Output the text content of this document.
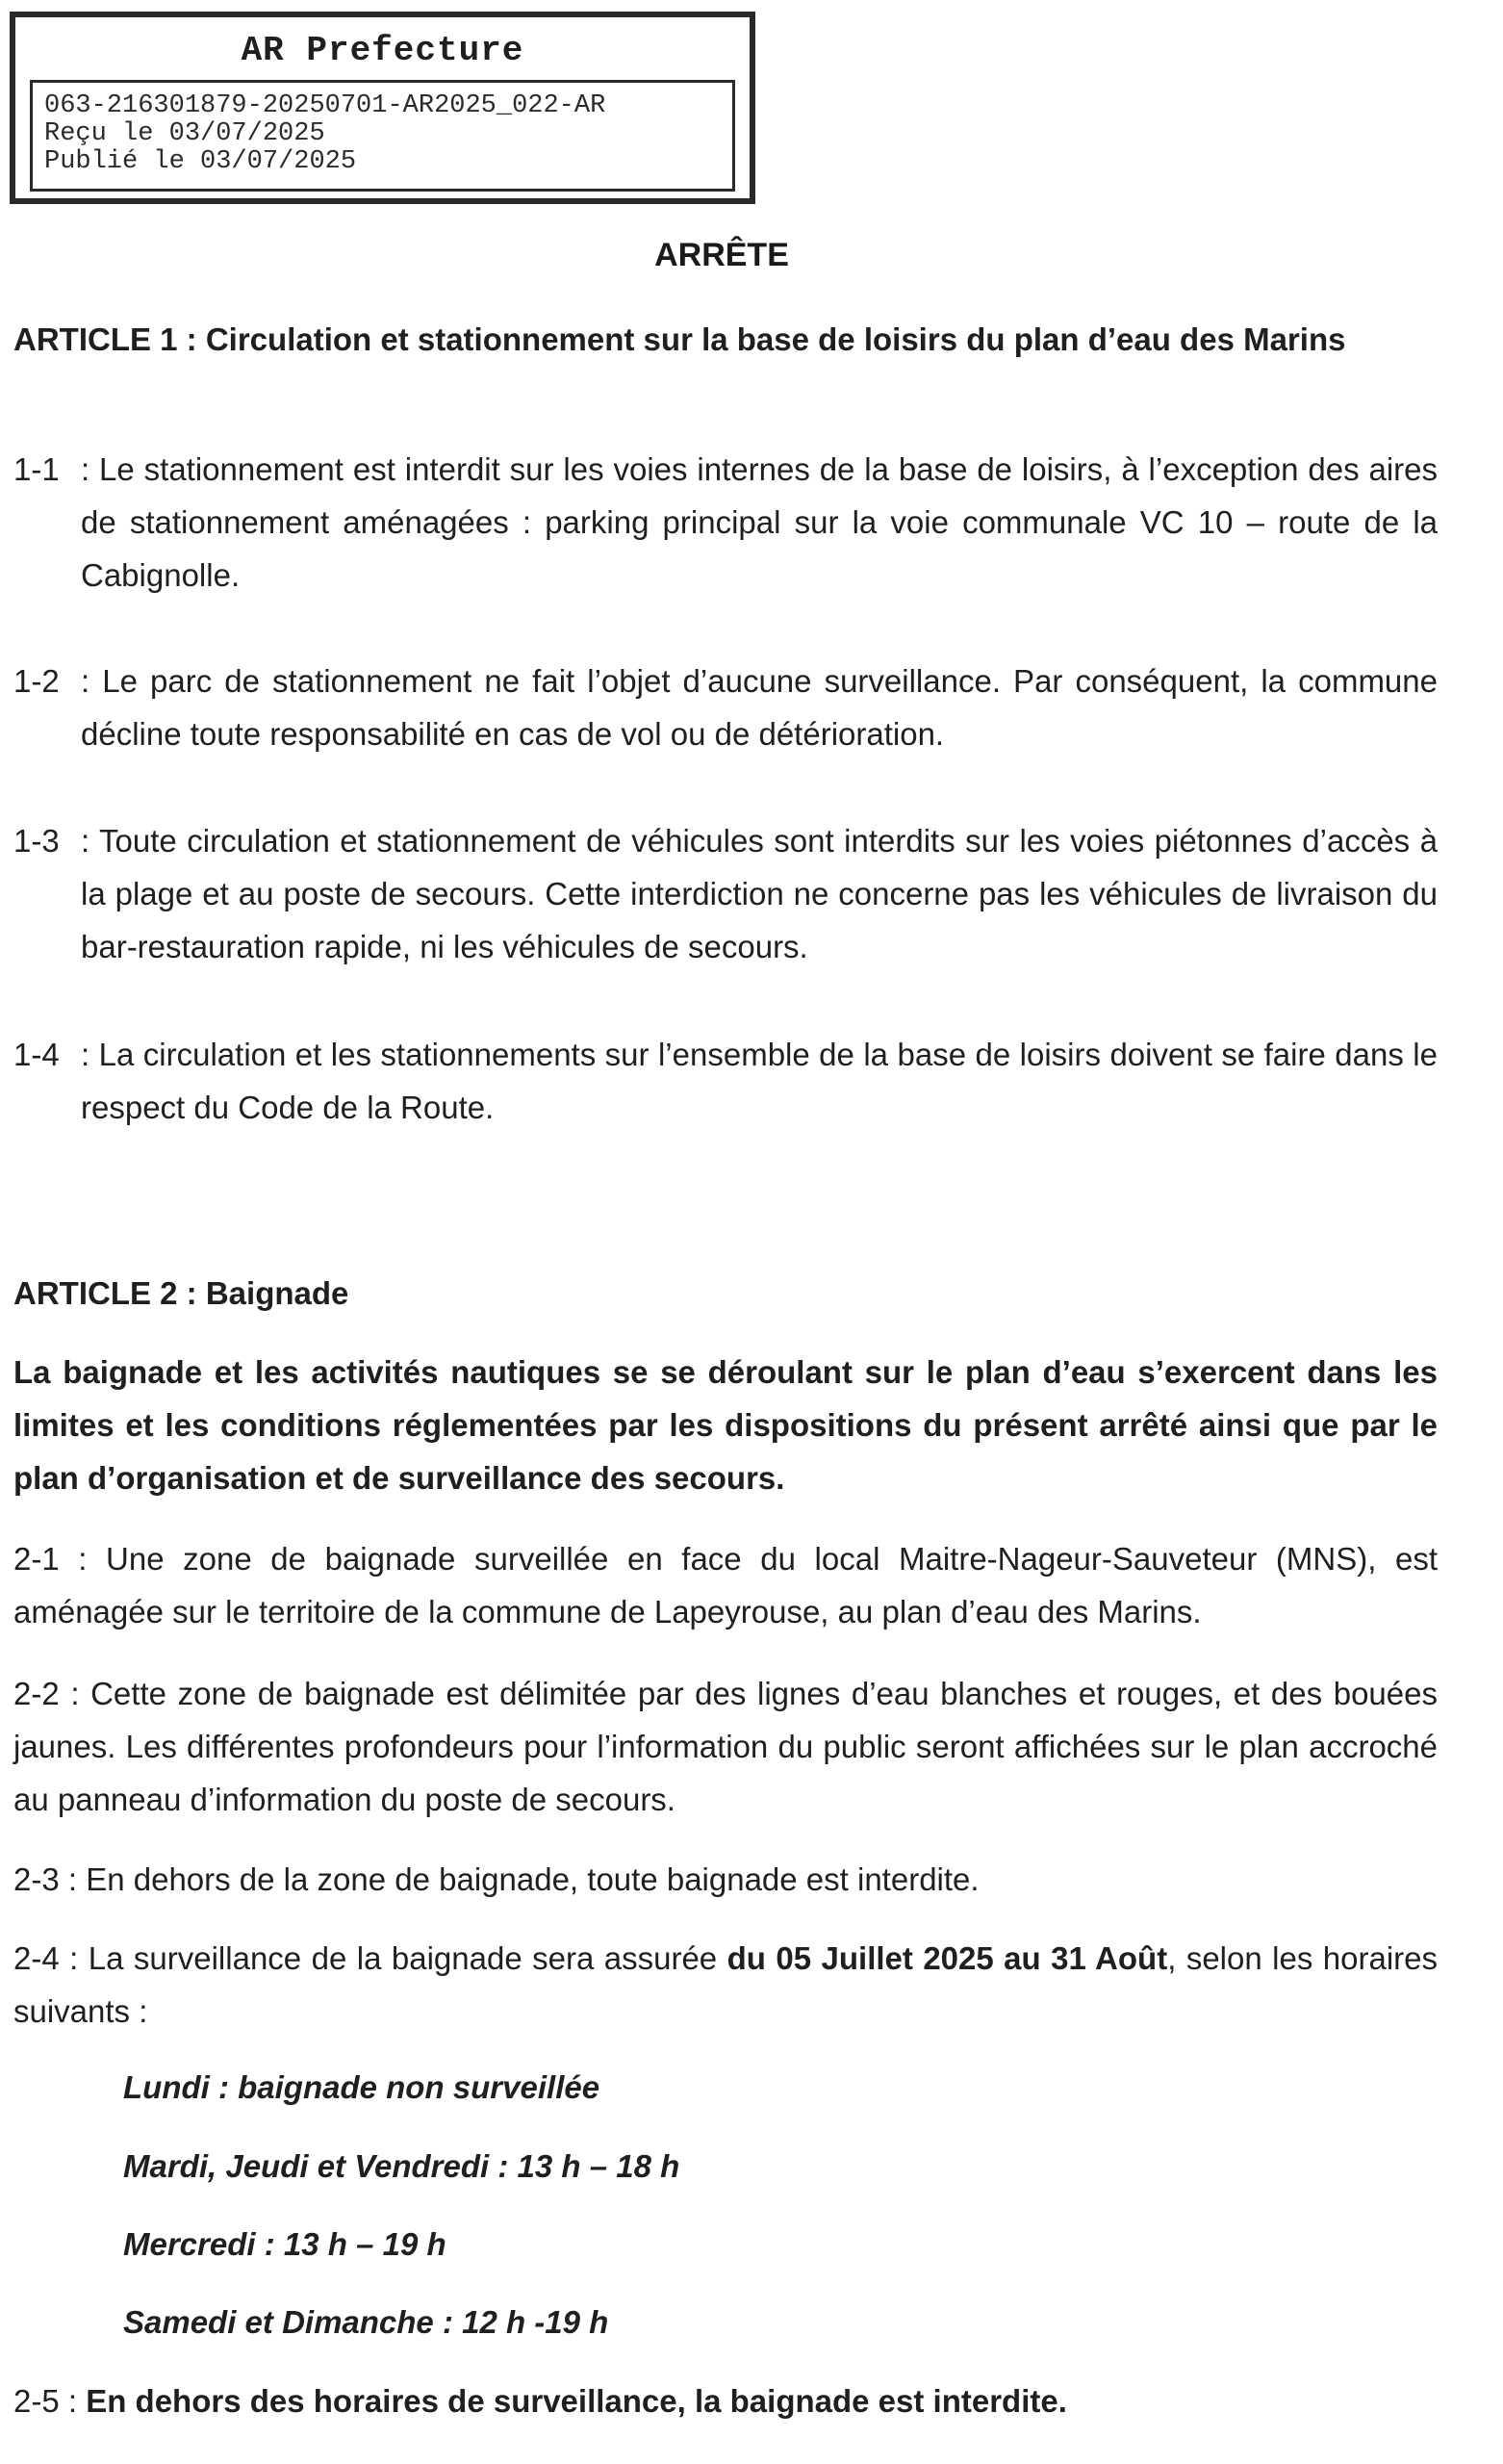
AR Prefecture
063-216301879-20250701-AR2025_022-AR
Reçu le 03/07/2025
Publié le 03/07/2025
ARRÊTE
ARTICLE 1 : Circulation et stationnement sur la base de loisirs du plan d’eau des Marins
1-1 : Le stationnement est interdit sur les voies internes de la base de loisirs, à l’exception des aires de stationnement aménagées : parking principal sur la voie communale VC 10 – route de la Cabignolle.
1-2 : Le parc de stationnement ne fait l’objet d’aucune surveillance. Par conséquent, la commune décline toute responsabilité en cas de vol ou de détérioration.
1-3 : Toute circulation et stationnement de véhicules sont interdits sur les voies piétonnes d’accès à la plage et au poste de secours. Cette interdiction ne concerne pas les véhicules de livraison du bar-restauration rapide, ni les véhicules de secours.
1-4 : La circulation et les stationnements sur l’ensemble de la base de loisirs doivent se faire dans le respect du Code de la Route.
ARTICLE 2 : Baignade
La baignade et les activités nautiques se se déroulant sur le plan d’eau s’exercent dans les limites et les conditions réglementées par les dispositions du présent arrêté ainsi que par le plan d’organisation et de surveillance des secours.
2-1 : Une zone de baignade surveillée en face du local Maitre-Nageur-Sauveteur (MNS), est aménagée sur le territoire de la commune de Lapeyrouse, au plan d’eau des Marins.
2-2 : Cette zone de baignade est délimitée par des lignes d’eau blanches et rouges, et des bouées jaunes. Les différentes profondeurs pour l’information du public seront affichées sur le plan accroché au panneau d’information du poste de secours.
2-3 : En dehors de la zone de baignade, toute baignade est interdite.
2-4 : La surveillance de la baignade sera assurée du 05 Juillet 2025 au 31 Août, selon les horaires suivants :
Lundi : baignade non surveillée
Mardi, Jeudi et Vendredi : 13 h – 18 h
Mercredi : 13 h – 19 h
Samedi et Dimanche : 12 h -19 h
2-5 : En dehors des horaires de surveillance, la baignade est interdite.
